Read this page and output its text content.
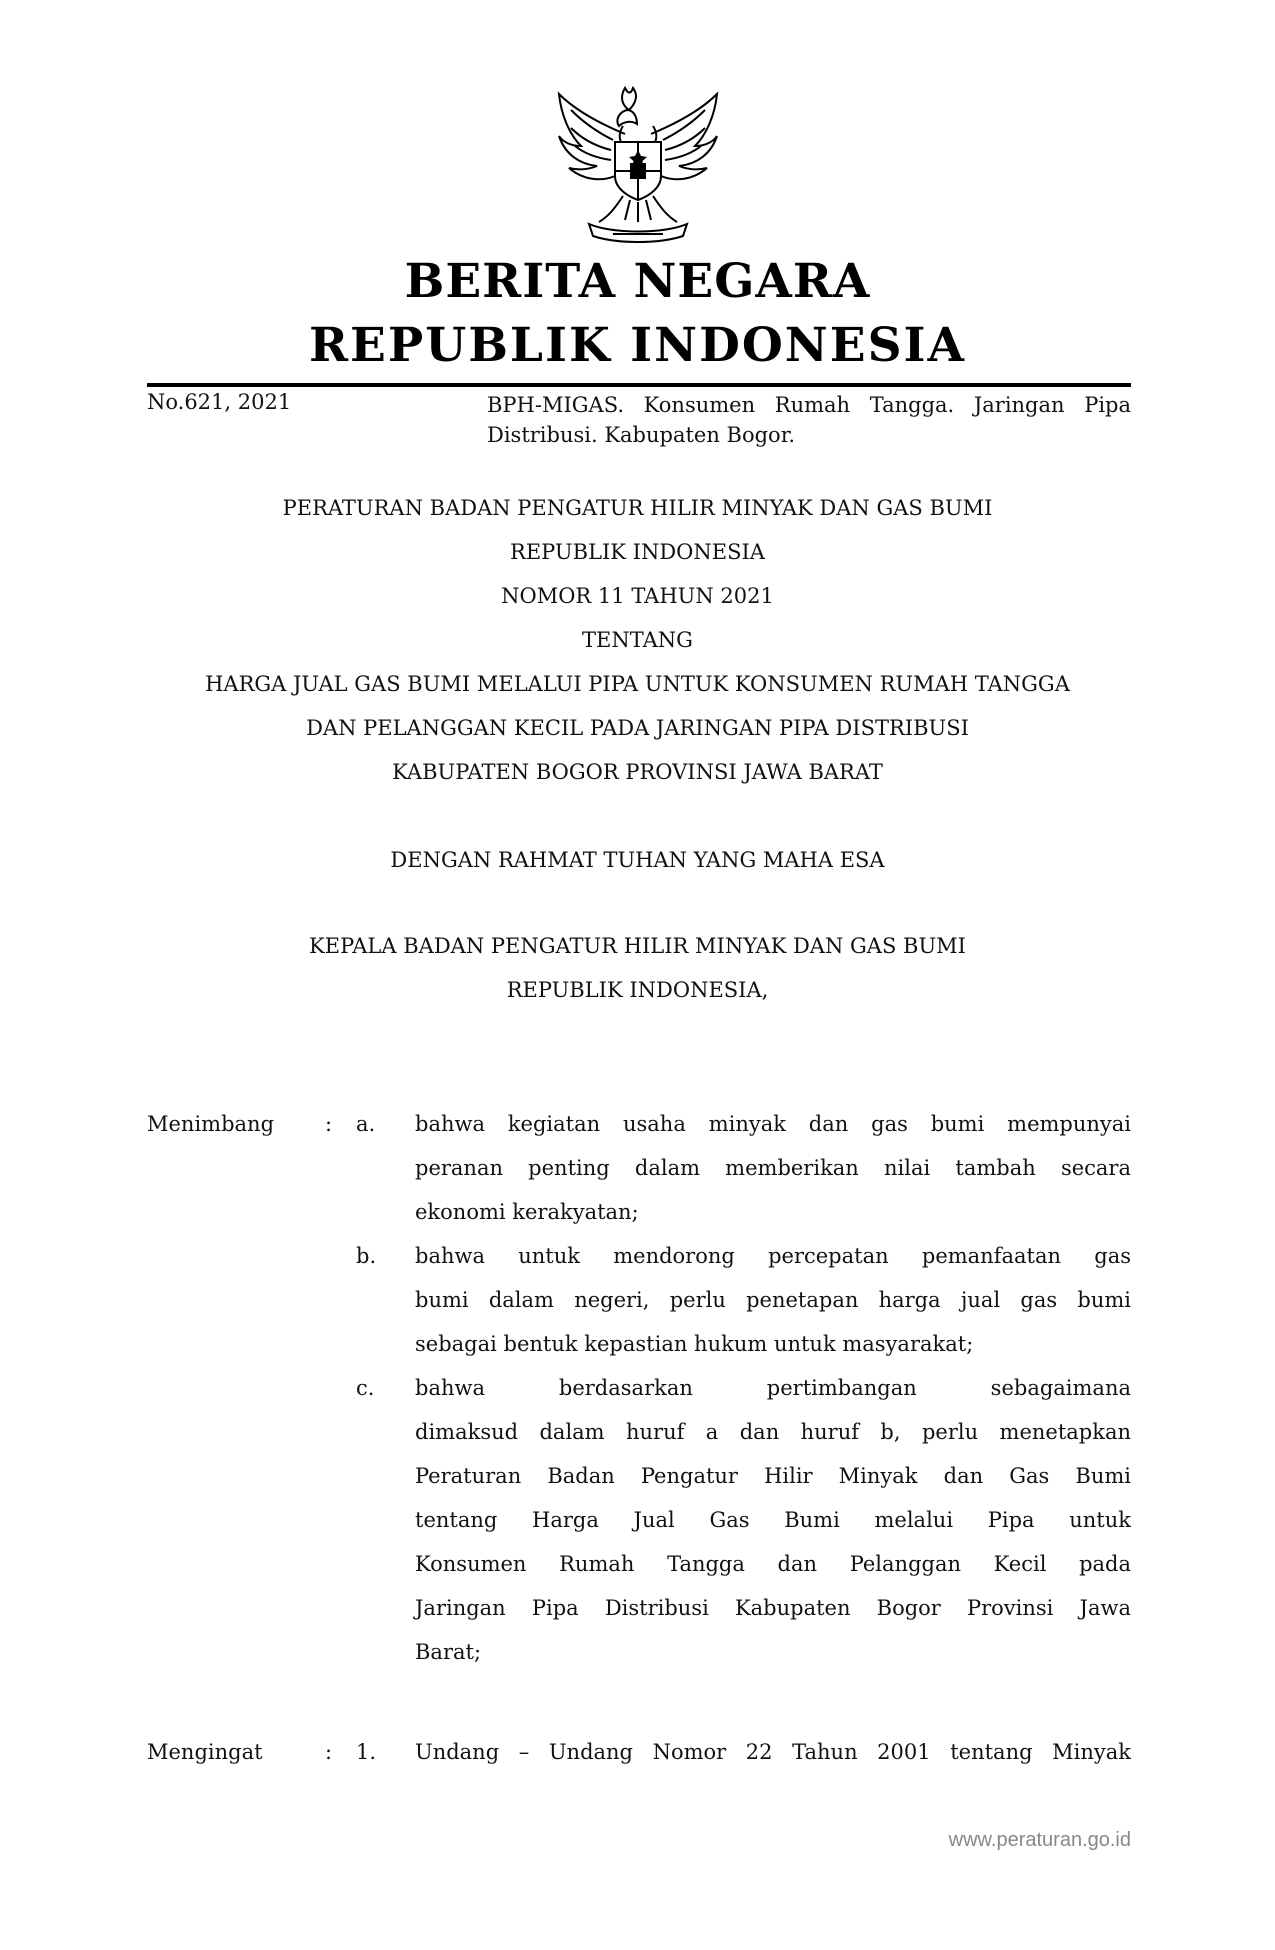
BERITA NEGARA
REPUBLIK INDONESIA
No.621, 2021	BPH-MIGAS. Konsumen Rumah Tangga. Jaringan Pipa Distribusi. Kabupaten Bogor.
PERATURAN BADAN PENGATUR HILIR MINYAK DAN GAS BUMI
REPUBLIK INDONESIA
NOMOR 11 TAHUN 2021
TENTANG
HARGA JUAL GAS BUMI MELALUI PIPA UNTUK KONSUMEN RUMAH TANGGA
DAN PELANGGAN KECIL PADA JARINGAN PIPA DISTRIBUSI
KABUPATEN BOGOR PROVINSI JAWA BARAT
DENGAN RAHMAT TUHAN YANG MAHA ESA
KEPALA BADAN PENGATUR HILIR MINYAK DAN GAS BUMI
REPUBLIK INDONESIA,
Menimbang : a. bahwa kegiatan usaha minyak dan gas bumi mempunyai
peranan penting dalam memberikan nilai tambah secara
ekonomi kerakyatan;
b. bahwa untuk mendorong percepatan pemanfaatan gas
bumi dalam negeri, perlu penetapan harga jual gas bumi
sebagai bentuk kepastian hukum untuk masyarakat;
c. bahwa berdasarkan pertimbangan sebagaimana
dimaksud dalam huruf a dan huruf b, perlu menetapkan
Peraturan Badan Pengatur Hilir Minyak dan Gas Bumi
tentang Harga Jual Gas Bumi melalui Pipa untuk
Konsumen Rumah Tangga dan Pelanggan Kecil pada
Jaringan Pipa Distribusi Kabupaten Bogor Provinsi Jawa
Barat;
Mengingat	: 1. Undang – Undang Nomor 22 Tahun 2001 tentang Minyak
www.peraturan.go.id
